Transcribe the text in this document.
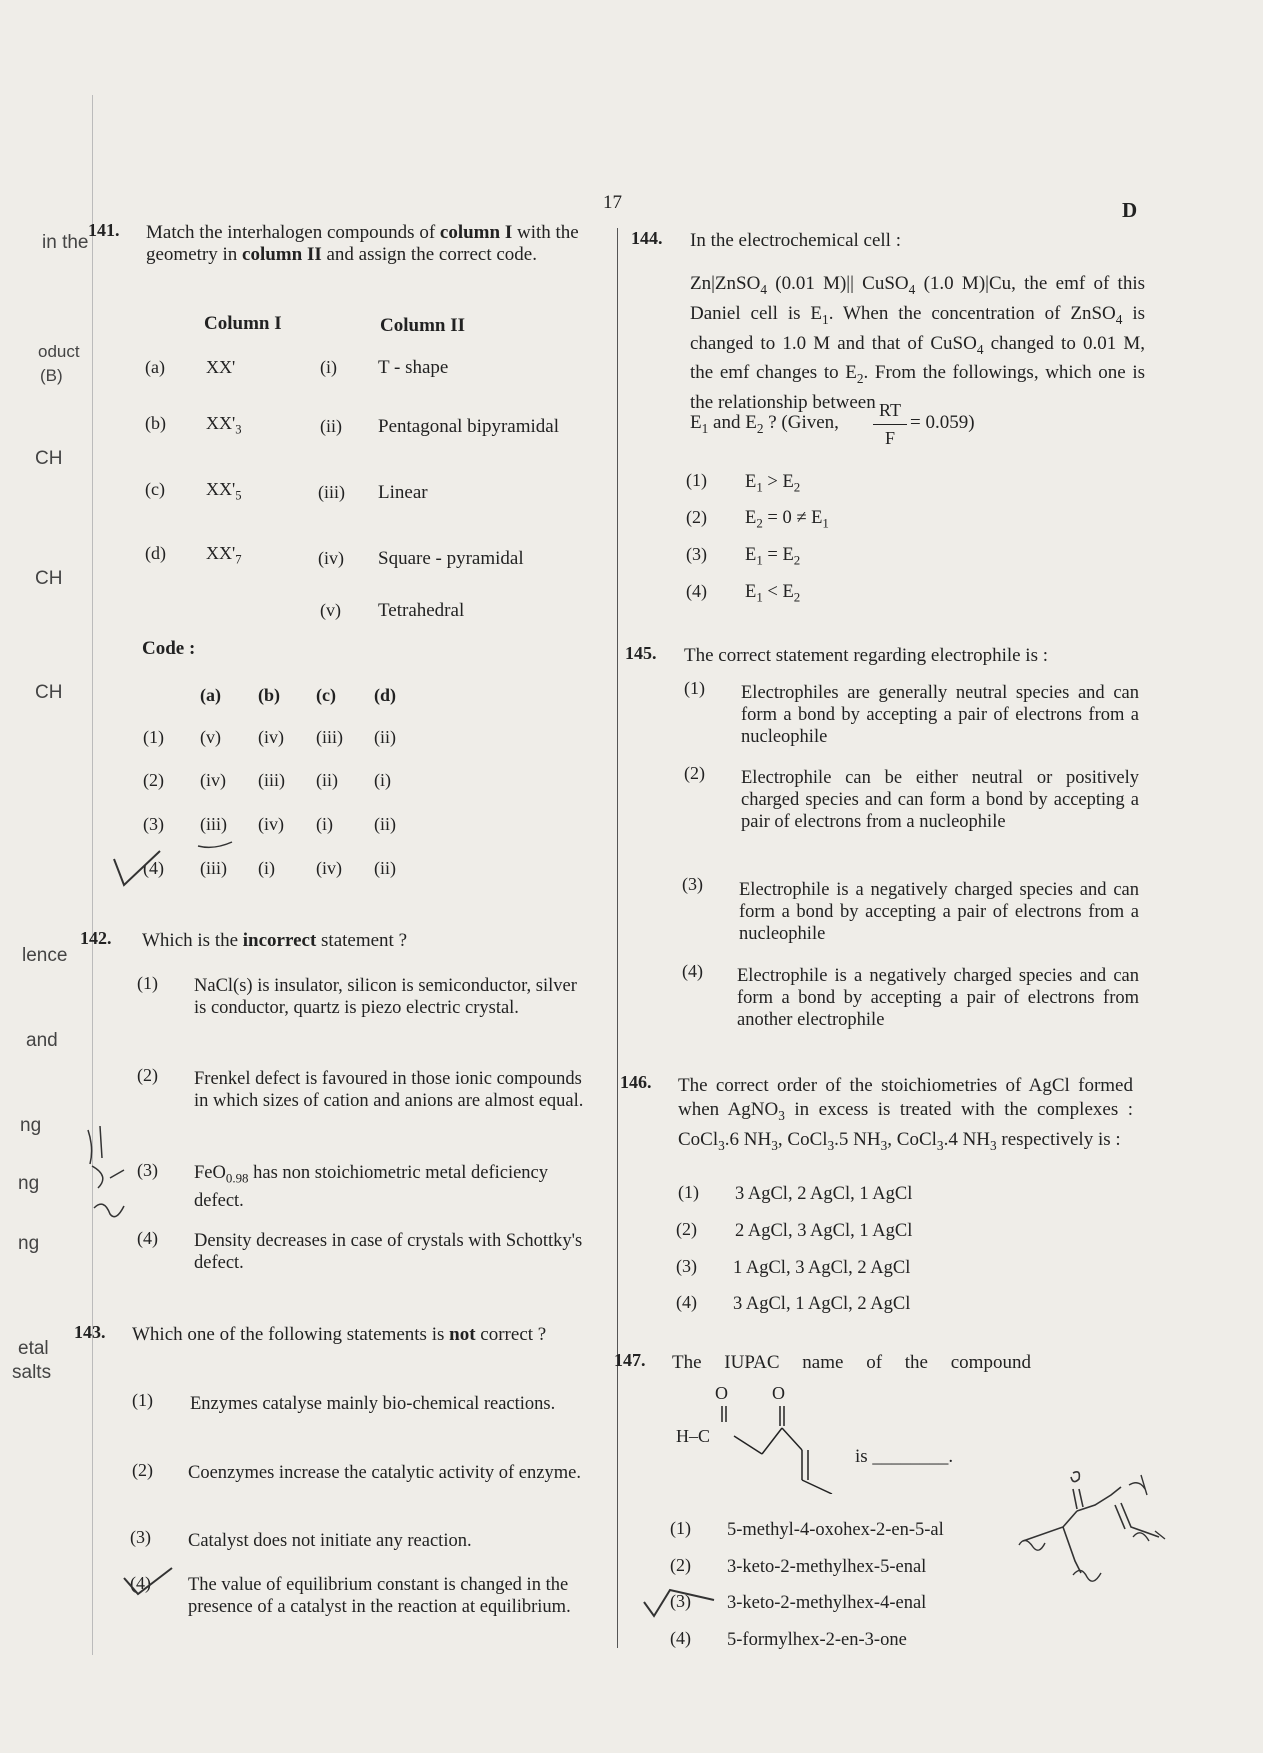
17	D
in the
oduct
(B)
CH
CH
CH
lence
and
ng
ng
ng
etal
salts
141. Match the interhalogen compounds of column I with the geometry in column II and assign the correct code.
Column I	Column II
(a) XX'
(b) $XX'_3$
(c) $XX'_5$
(d) $XX'_7$
(i) T - shape
(ii) Pentagonal bipyramidal
(iii) Linear
(iv) Square - pyramidal
(v) Tetrahedral
Code :
(a) (b) (c) (d)
(1) (v) (iv) (iii) (ii)
(2) (iv) (iii) (ii) (i)
(3) (iii) (iv) (i) (ii)
(4) (iii) (i) (iv) (ii)
142. Which is the incorrect statement ?
(1) NaCl(s) is insulator, silicon is semiconductor, silver is conductor, quartz is piezo electric crystal.
(2) Frenkel defect is favoured in those ionic compounds in which sizes of cation and anions are almost equal.
(3) FeO$_{0.98}$ has non stoichiometric metal deficiency defect.
(4) Density decreases in case of crystals with Schottky's defect.
143. Which one of the following statements is not correct ?
(1) Enzymes catalyse mainly bio-chemical reactions.
(2) Coenzymes increase the catalytic activity of enzyme.
(3) Catalyst does not initiate any reaction.
(4) The value of equilibrium constant is changed in the presence of a catalyst in the reaction at equilibrium.
144. In the electrochemical cell :
Zn|ZnSO$_4$ (0.01 M)|| CuSO$_4$ (1.0 M)|Cu, the emf of this Daniel cell is $E_1$. When the concentration of ZnSO$_4$ is changed to 1.0 M and that of CuSO$_4$ changed to 0.01 M, the emf changes to $E_2$. From the followings, which one is the relationship between
$E_1$ and $E_2$ ? (Given,
RT
F
= 0.059)
(1) $E_1 > E_2$
(2) $E_2 = 0 \ne E_1$
(3) $E_1 = E_2$
(4) $E_1 < E_2$
145. The correct statement regarding electrophile is :
(1) Electrophiles are generally neutral species and can form a bond by accepting a pair of electrons from a nucleophile
(2) Electrophile can be either neutral or positively charged species and can form a bond by accepting a pair of electrons from a nucleophile
(3) Electrophile is a negatively charged species and can form a bond by accepting a pair of electrons from a nucleophile
(4) Electrophile is a negatively charged species and can form a bond by accepting a pair of electrons from another electrophile
146. The correct order of the stoichiometries of AgCl formed when AgNO$_3$ in excess is treated with the complexes : CoCl$_3$.6 $NH_3$, CoCl$_3$.5 $NH_3$, CoCl$_3$.4 $NH_3$ respectively is :
(1) 3 AgCl, 2 AgCl, 1 AgCl
(2) 2 AgCl, 3 AgCl, 1 AgCl
(3) 1 AgCl, 3 AgCl, 2 AgCl
(4) 3 AgCl, 1 AgCl, 2 AgCl
147. The IUPAC name of the compound
O O
H–C
is ________.
(1) 5-methyl-4-oxohex-2-en-5-al
(2) 3-keto-2-methylhex-5-enal
(3) 3-keto-2-methylhex-4-enal
(4) 5-formylhex-2-en-3-one
